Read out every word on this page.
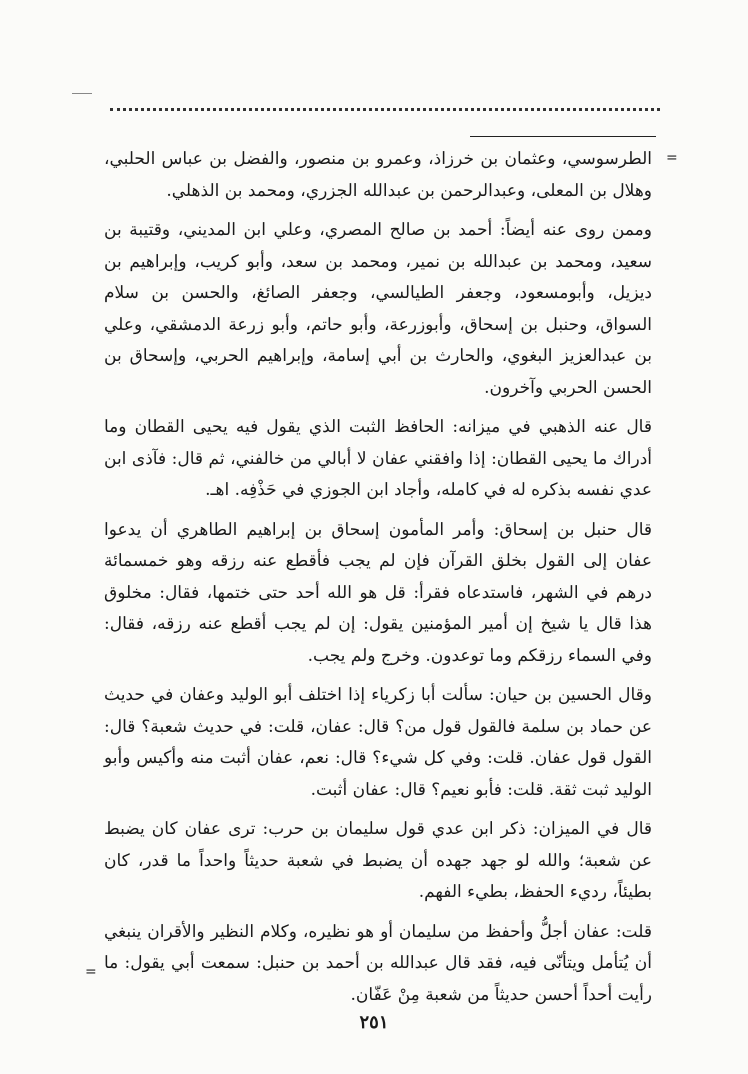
=
=

الطرسوسي، وعثمان بن خرزاذ، وعمرو بن منصور، والفضل بن عباس الحلبي، وهلال بن المعلى، وعبدالرحمن بن عبدالله الجزري، ومحمد بن الذهلي.

وممن روى عنه أيضاً: أحمد بن صالح المصري، وعلي ابن المديني، وقتيبة بن سعيد، ومحمد بن عبدالله بن نمير، ومحمد بن سعد، وأبو كريب، وإبراهيم بن ديزيل، وأبومسعود، وجعفر الطيالسي، وجعفر الصائغ، والحسن بن سلام السواق، وحنبل بن إسحاق، وأبوزرعة، وأبو حاتم، وأبو زرعة الدمشقي، وعلي بن عبدالعزيز البغوي، والحارث بن أبي إسامة، وإبراهيم الحربي، وإسحاق بن الحسن الحربي وآخرون.

قال عنه الذهبي في ميزانه: الحافظ الثبت الذي يقول فيه يحيى القطان وما أدراك ما يحيى القطان: إذا وافقني عفان لا أبالي من خالفني، ثم قال: فآذى ابن عدي نفسه بذكره له في كامله، وأجاد ابن الجوزي في حَذْفِه. اهـ.

قال حنبل بن إسحاق: وأمر المأمون إسحاق بن إبراهيم الطاهري أن يدعوا عفان إلى القول بخلق القرآن فإن لم يجب فأقطع عنه رزقه وهو خمسمائة درهم في الشهر، فاستدعاه فقرأ: قل هو الله أحد حتى ختمها، فقال: مخلوق هذا قال يا شيخ إن أمير المؤمنين يقول: إن لم يجب أقطع عنه رزقه، فقال: وفي السماء رزقكم وما توعدون. وخرج ولم يجب.

وقال الحسين بن حيان: سألت أبا زكرياء إذا اختلف أبو الوليد وعفان في حديث عن حماد بن سلمة فالقول قول من؟ قال: عفان، قلت: في حديث شعبة؟ قال: القول قول عفان. قلت: وفي كل شيء؟ قال: نعم، عفان أثبت منه وأكيس وأبو الوليد ثبت ثقة. قلت: فأبو نعيم؟ قال: عفان أثبت.

قال في الميزان: ذكر ابن عدي قول سليمان بن حرب: ترى عفان كان يضبط عن شعبة؛ والله لو جهد جهده أن يضبط في شعبة حديثاً واحداً ما قدر، كان بطيئاً، رديء الحفظ، بطيء الفهم.

قلت: عفان أجلُّ وأحفظ من سليمان أو هو نظيره، وكلام النظير والأقران ينبغي أن يُتأمل ويتأنّى فيه، فقد قال عبدالله بن أحمد بن حنبل: سمعت أبي يقول: ما رأيت أحداً أحسن حديثاً من شعبة مِنْ عَفّان.

٢٥١
